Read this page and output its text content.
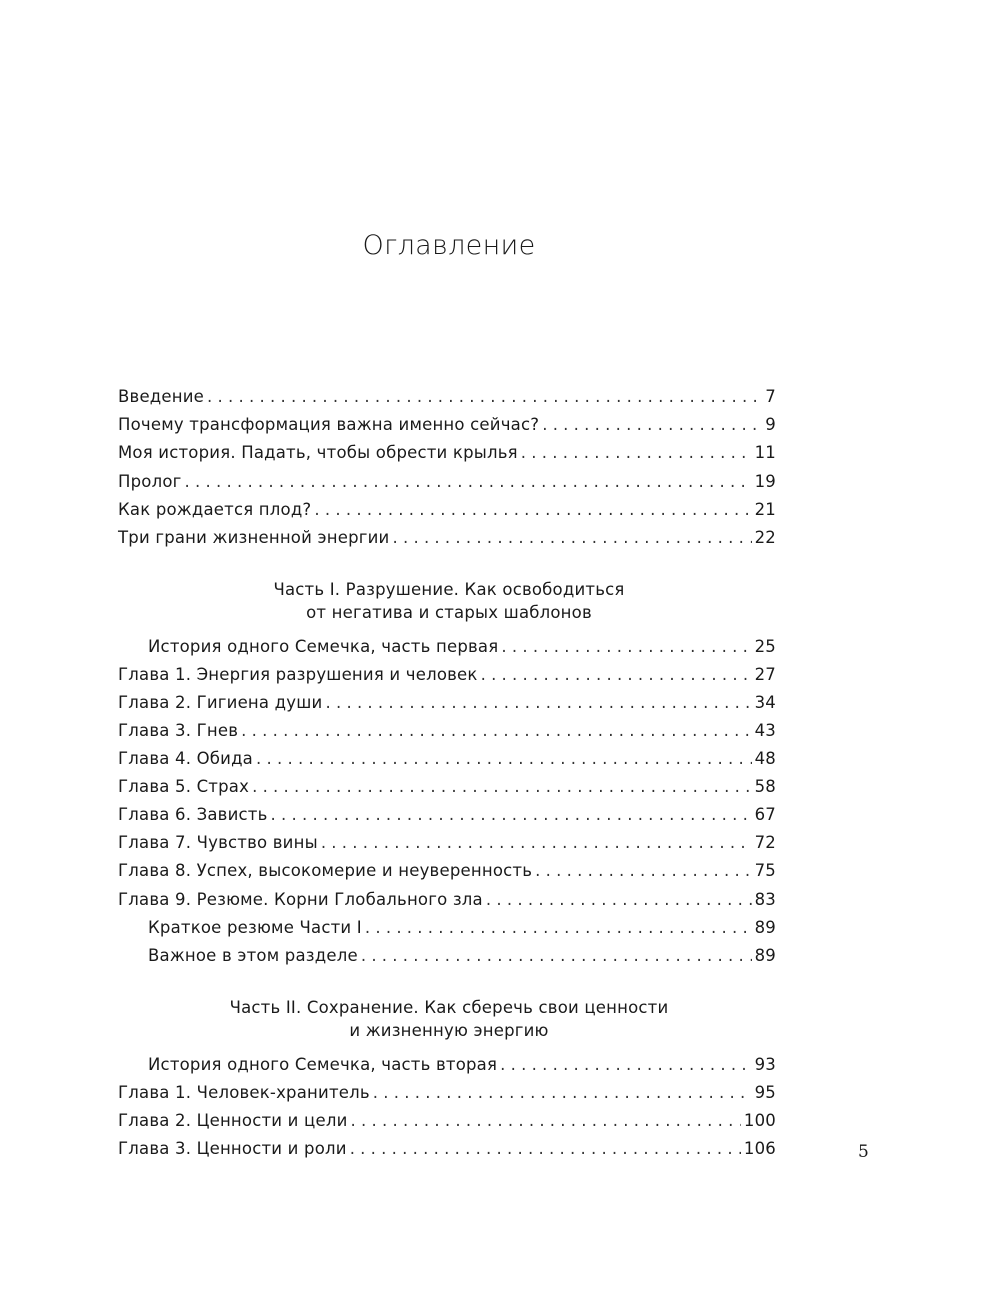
Оглавление
Введение . . .	7
Почему трансформация важна именно сейчас? . . .	9
Моя история. Падать, чтобы обрести крылья . . .	11
Пролог . . .	19
Как рождается плод? . . .	21
Три грани жизненной энергии . . .	22
Часть I. Разрушение. Как освободиться
от негатива и старых шаблонов
История одного Семечка, часть первая . . .	25
Глава 1. Энергия разрушения и человек . . .	27
Глава 2. Гигиена души . . .	34
Глава 3. Гнев . . .	43
Глава 4. Обида . . .	48
Глава 5. Страх . . .	58
Глава 6. Зависть . . .	67
Глава 7. Чувство вины . . .	72
Глава 8. Успех, высокомерие и неуверенность . . .	75
Глава 9. Резюме. Корни Глобального зла . . .	83
Краткое резюме Части I . . .	89
Важное в этом разделе . . .	89
Часть II. Сохранение. Как сберечь свои ценности
и жизненную энергию
История одного Семечка, часть вторая . . .	93
Глава 1. Человек-хранитель . . .	95
Глава 2. Ценности и цели . . .	100
Глава 3. Ценности и роли . . .	106	5
